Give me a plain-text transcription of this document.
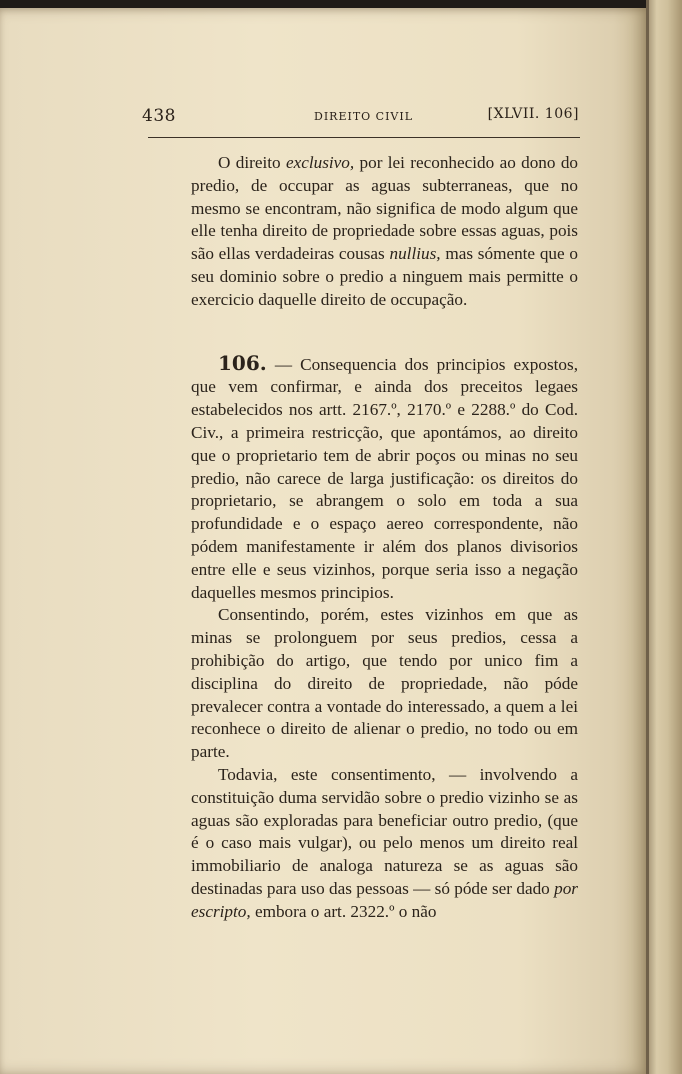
438	DIREITO CIVIL	[XLVII. 106]

O direito exclusivo, por lei reconhecido ao dono do predio, de occupar as aguas subterraneas, que no mesmo se encontram, não significa de modo algum que elle tenha direito de propriedade sobre essas aguas, pois são ellas verdadeiras cousas nullius, mas sómente que o seu dominio sobre o predio a ninguem mais permitte o exercicio daquelle direito de occupação.

106. — Consequencia dos principios expostos, que vem confirmar, e ainda dos preceitos legaes estabelecidos nos artt. 2167.º, 2170.º e 2288.º do Cod. Civ., a primeira restricção, que apontámos, ao direito que o proprietario tem de abrir poços ou minas no seu predio, não carece de larga justificação: os direitos do proprietario, se abrangem o solo em toda a sua profundidade e o espaço aereo correspondente, não pódem manifestamente ir além dos planos divisorios entre elle e seus vizinhos, porque seria isso a negação daquelles mesmos principios.

Consentindo, porém, estes vizinhos em que as minas se prolonguem por seus predios, cessa a prohibição do artigo, que tendo por unico fim a disciplina do direito de propriedade, não póde prevalecer contra a vontade do interessado, a quem a lei reconhece o direito de alienar o predio, no todo ou em parte.

Todavia, este consentimento, — involvendo a constituição duma servidão sobre o predio vizinho se as aguas são exploradas para beneficiar outro predio, (que é o caso mais vulgar), ou pelo menos um direito real immobiliario de analoga natureza se as aguas são destinadas para uso das pessoas — só póde ser dado por escripto, embora o art. 2322.º o não
